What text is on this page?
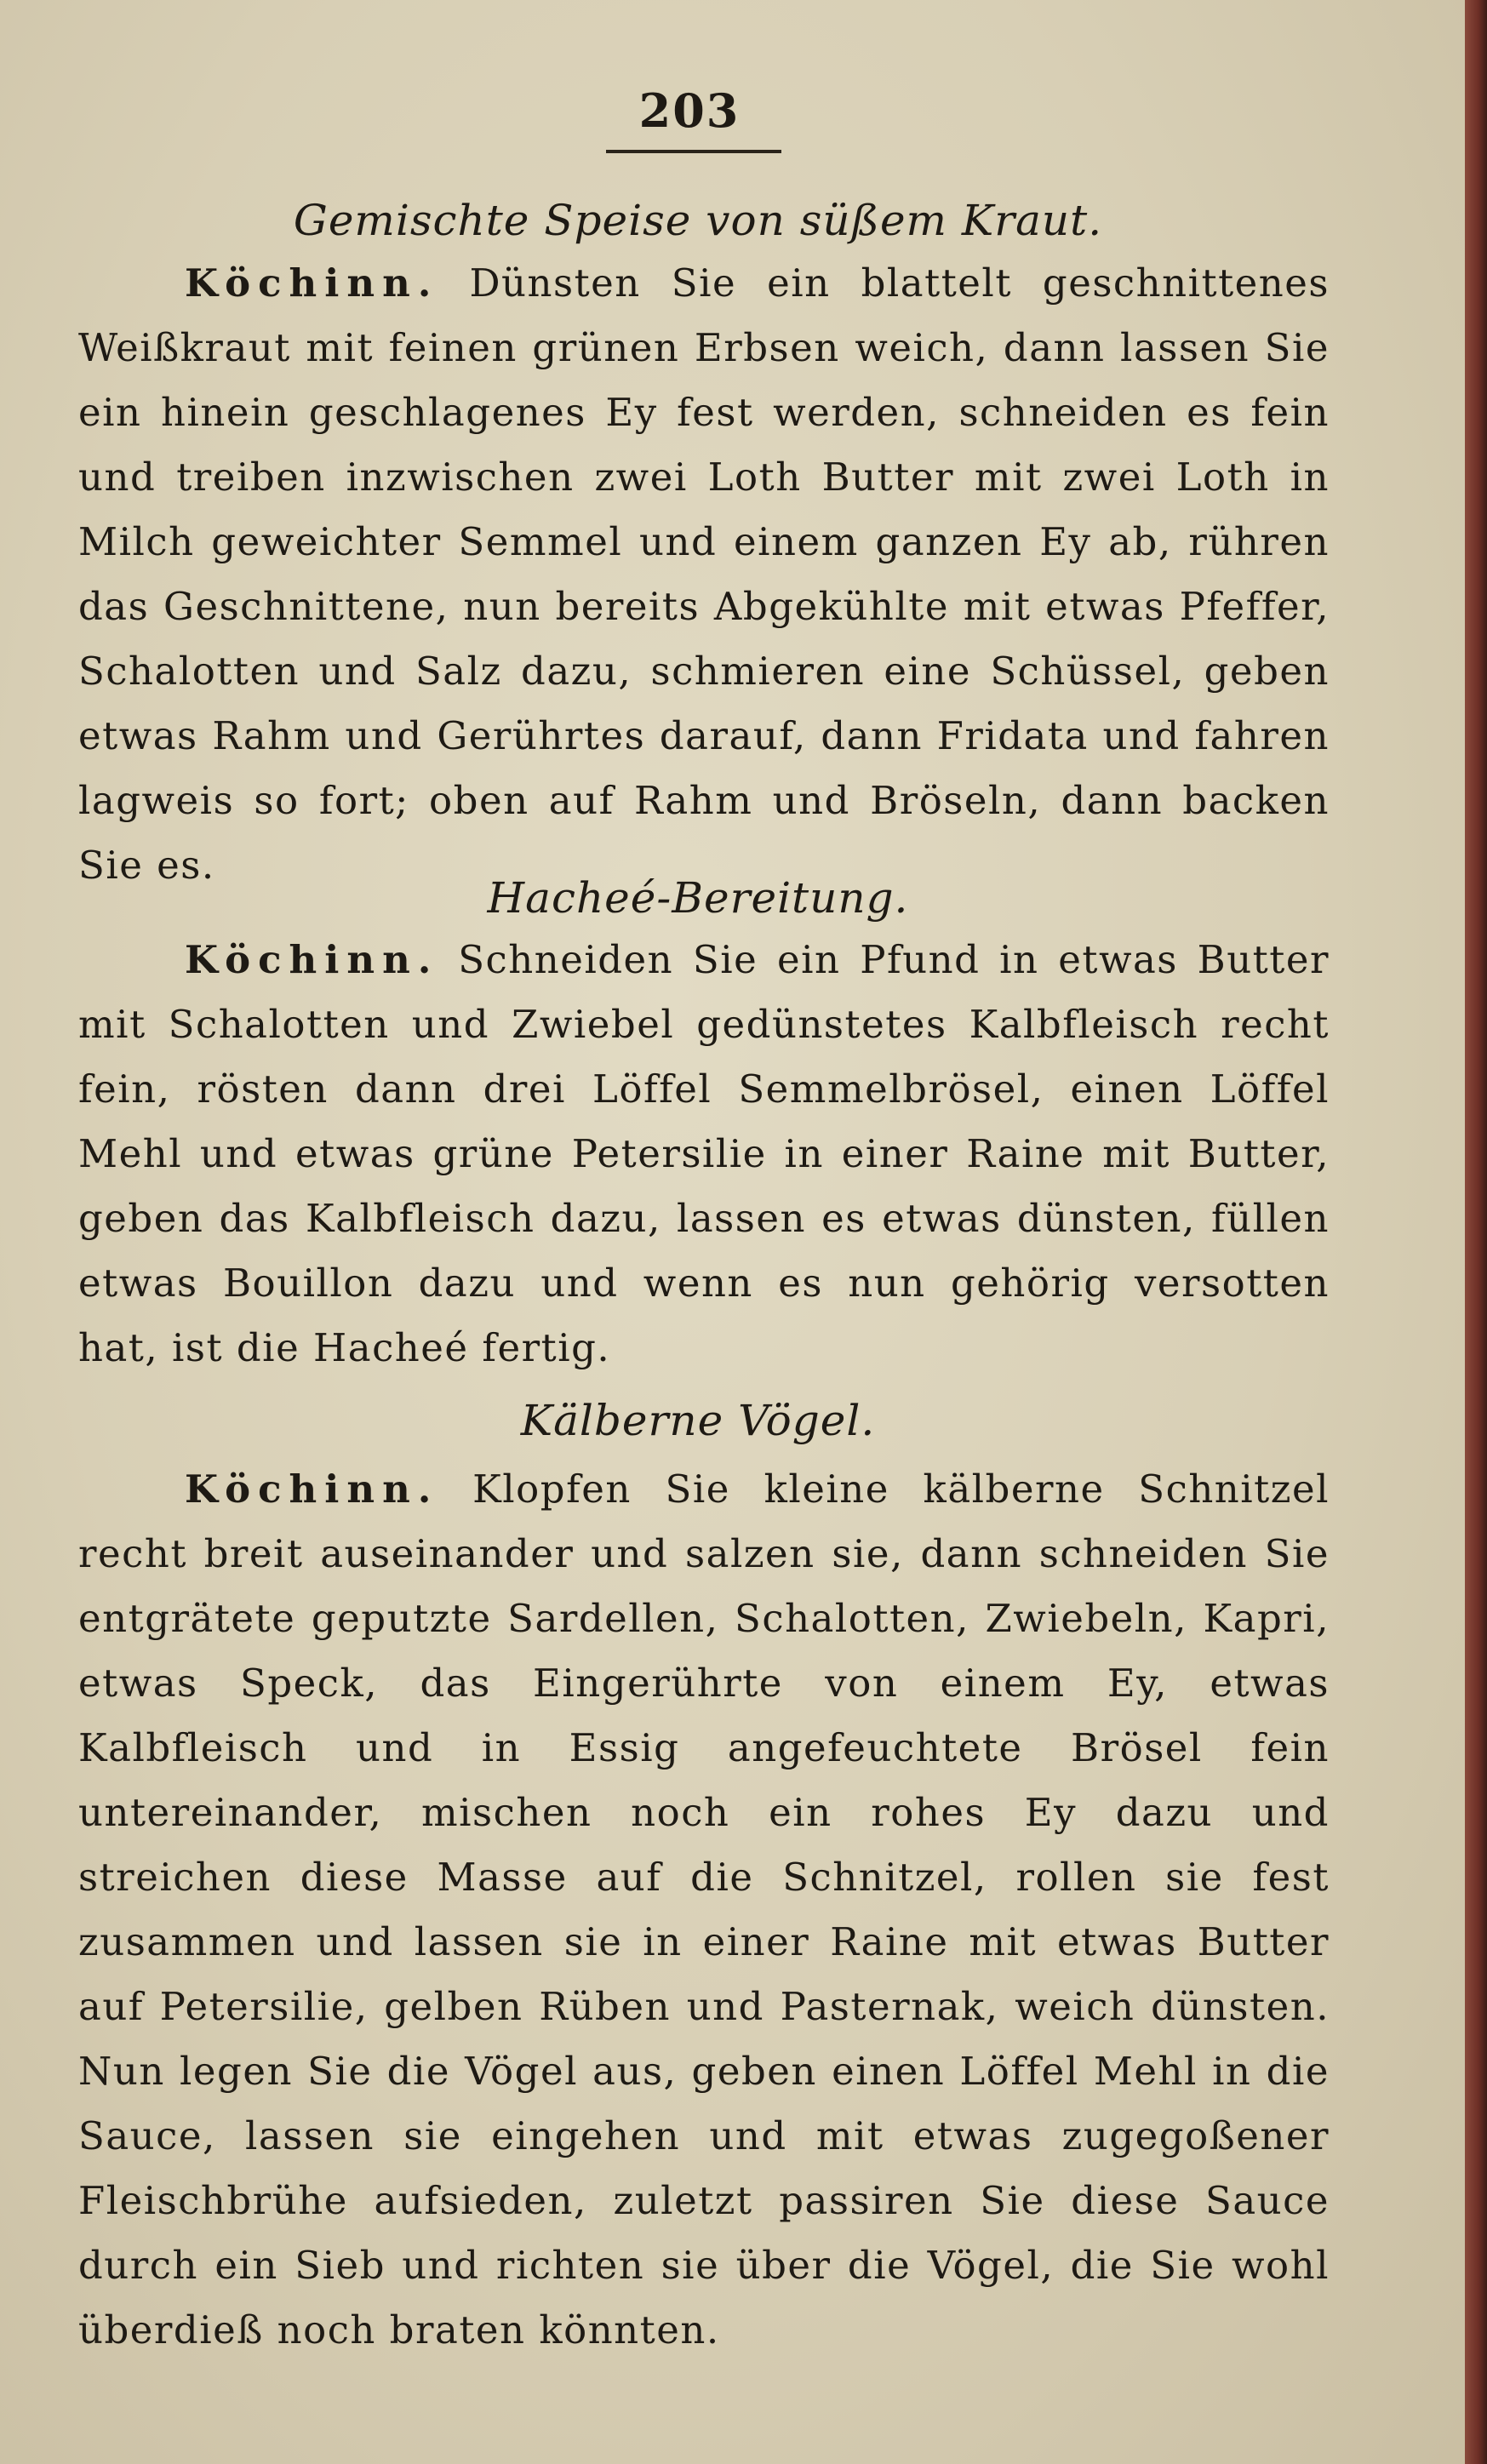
203
Gemischte Speise von süßem Kraut.

Köchinn. Dünsten Sie ein blattelt geschnittenes Weißkraut mit feinen grünen Erbsen weich, dann lassen Sie ein hinein geschlagenes Ey fest werden, schneiden es fein und treiben inzwischen zwei Loth Butter mit zwei Loth in Milch geweichter Semmel und einem ganzen Ey ab, rühren das Geschnittene, nun bereits Abgekühlte mit etwas Pfeffer, Schalotten und Salz dazu, schmieren eine Schüssel, geben etwas Rahm und Gerührtes darauf, dann Fridata und fahren lagweis so fort; oben auf Rahm und Bröseln, dann backen Sie es.

Hacheé-Bereitung.

Köchinn. Schneiden Sie ein Pfund in etwas Butter mit Schalotten und Zwiebel gedünstetes Kalbfleisch recht fein, rösten dann drei Löffel Semmelbrösel, einen Löffel Mehl und etwas grüne Petersilie in einer Raine mit Butter, geben das Kalbfleisch dazu, lassen es etwas dünsten, füllen etwas Bouillon dazu und wenn es nun gehörig versotten hat, ist die Hacheé fertig.

Kälberne Vögel.

Köchinn. Klopfen Sie kleine kälberne Schnitzel recht breit auseinander und salzen sie, dann schneiden Sie entgrätete geputzte Sardellen, Schalotten, Zwiebeln, Kapri, etwas Speck, das Eingerührte von einem Ey, etwas Kalbfleisch und in Essig angefeuchtete Brösel fein untereinander, mischen noch ein rohes Ey dazu und streichen diese Masse auf die Schnitzel, rollen sie fest zusammen und lassen sie in einer Raine mit etwas Butter auf Petersilie, gelben Rüben und Pasternak, weich dünsten. Nun legen Sie die Vögel aus, geben einen Löffel Mehl in die Sauce, lassen sie eingehen und mit etwas zugegoßener Fleischbrühe aufsieden, zuletzt passiren Sie diese Sauce durch ein Sieb und richten sie über die Vögel, die Sie wohl überdieß noch braten könnten.
